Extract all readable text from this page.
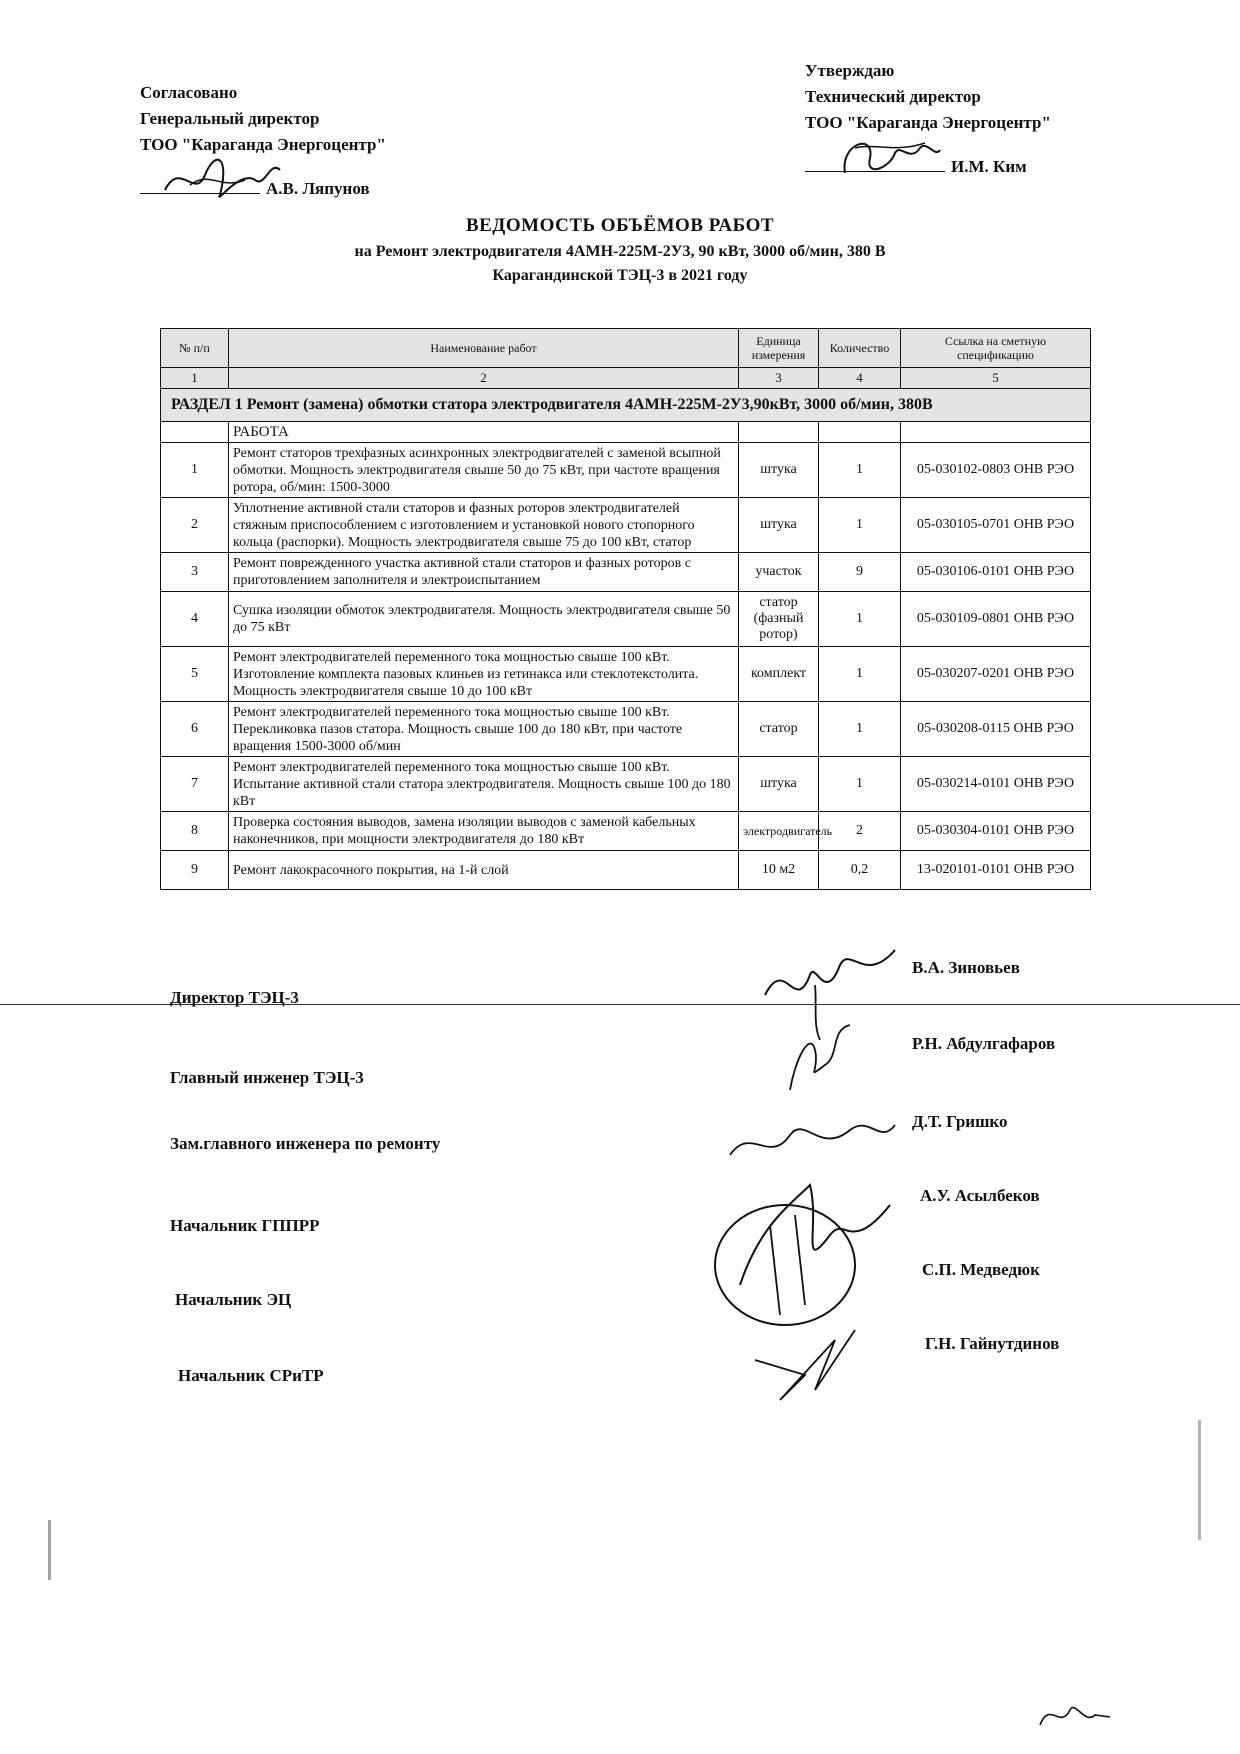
Согласовано
Генеральный директор
ТОО "Караганда Энергоцентр"
А.В. Ляпунов
Утверждаю
Технический директор
ТОО "Караганда Энергоцентр"
И.М. Ким
ВЕДОМОСТЬ ОБЪЁМОВ РАБОТ
на Ремонт электродвигателя 4АМН-225М-2У3, 90 кВт, 3000 об/мин, 380 В
Карагандинской ТЭЦ-3 в 2021 году
№ п/п	Наименование работ	Единица измерения	Количество	Ссылка на сметную спецификацию
1	2	3	4	5
РАЗДЕЛ 1 Ремонт (замена) обмотки статора электродвигателя 4АМН-225М-2У3,90кВт, 3000 об/мин, 380В				
	РАБОТА			
1	Ремонт статоров трехфазных асинхронных электродвигателей с заменой всыпной обмотки. Мощность электродвигателя свыше 50 до 75 кВт, при частоте вращения ротора, об/мин: 1500-3000	штука	1	05-030102-0803 ОНВ РЭО
2	Уплотнение активной стали статоров и фазных роторов электродвигателей стяжным приспособлением с изготовлением и установкой нового стопорного кольца (распорки). Мощность электродвигателя свыше 75 до 100 кВт, статор	штука	1	05-030105-0701 ОНВ РЭО
3	Ремонт поврежденного участка активной стали статоров и фазных роторов с приготовлением заполнителя и электроиспытанием	участок	9	05-030106-0101 ОНВ РЭО
4	Сушка изоляции обмоток электродвигателя. Мощность электродвигателя свыше 50 до 75 кВт	статор (фазный ротор)	1	05-030109-0801 ОНВ РЭО
5	Ремонт электродвигателей переменного тока мощностью свыше 100 кВт. Изготовление комплекта пазовых клиньев из гетинакса или стеклотекстолита. Мощность электродвигателя свыше 10 до 100 кВт	комплект	1	05-030207-0201 ОНВ РЭО
6	Ремонт электродвигателей переменного тока мощностью свыше 100 кВт. Перекликовка пазов статора. Мощность свыше 100 до 180 кВт, при частоте вращения 1500-3000 об/мин	статор	1	05-030208-0115 ОНВ РЭО
7	Ремонт электродвигателей переменного тока мощностью свыше 100 кВт. Испытание активной стали статора электродвигателя. Мощность свыше 100 до 180 кВт	штука	1	05-030214-0101 ОНВ РЭО
8	Проверка состояния выводов, замена изоляции выводов с заменой кабельных наконечников, при мощности электродвигателя до 180 кВт	электродвигатель	2	05-030304-0101 ОНВ РЭО
9	Ремонт лакокрасочного покрытия, на 1-й слой	10 м2	0,2	13-020101-0101 ОНВ РЭО
Директор ТЭЦ-3
В.А. Зиновьев
Главный инженер ТЭЦ-3
Р.Н. Абдулгафаров
Зам.главного инженера по ремонту
Д.Т. Гришко
Начальник ГППРР
А.У. Асылбеков
Начальник ЭЦ
С.П. Медведюк
Начальник СРиТР
Г.Н. Гайнутдинов
